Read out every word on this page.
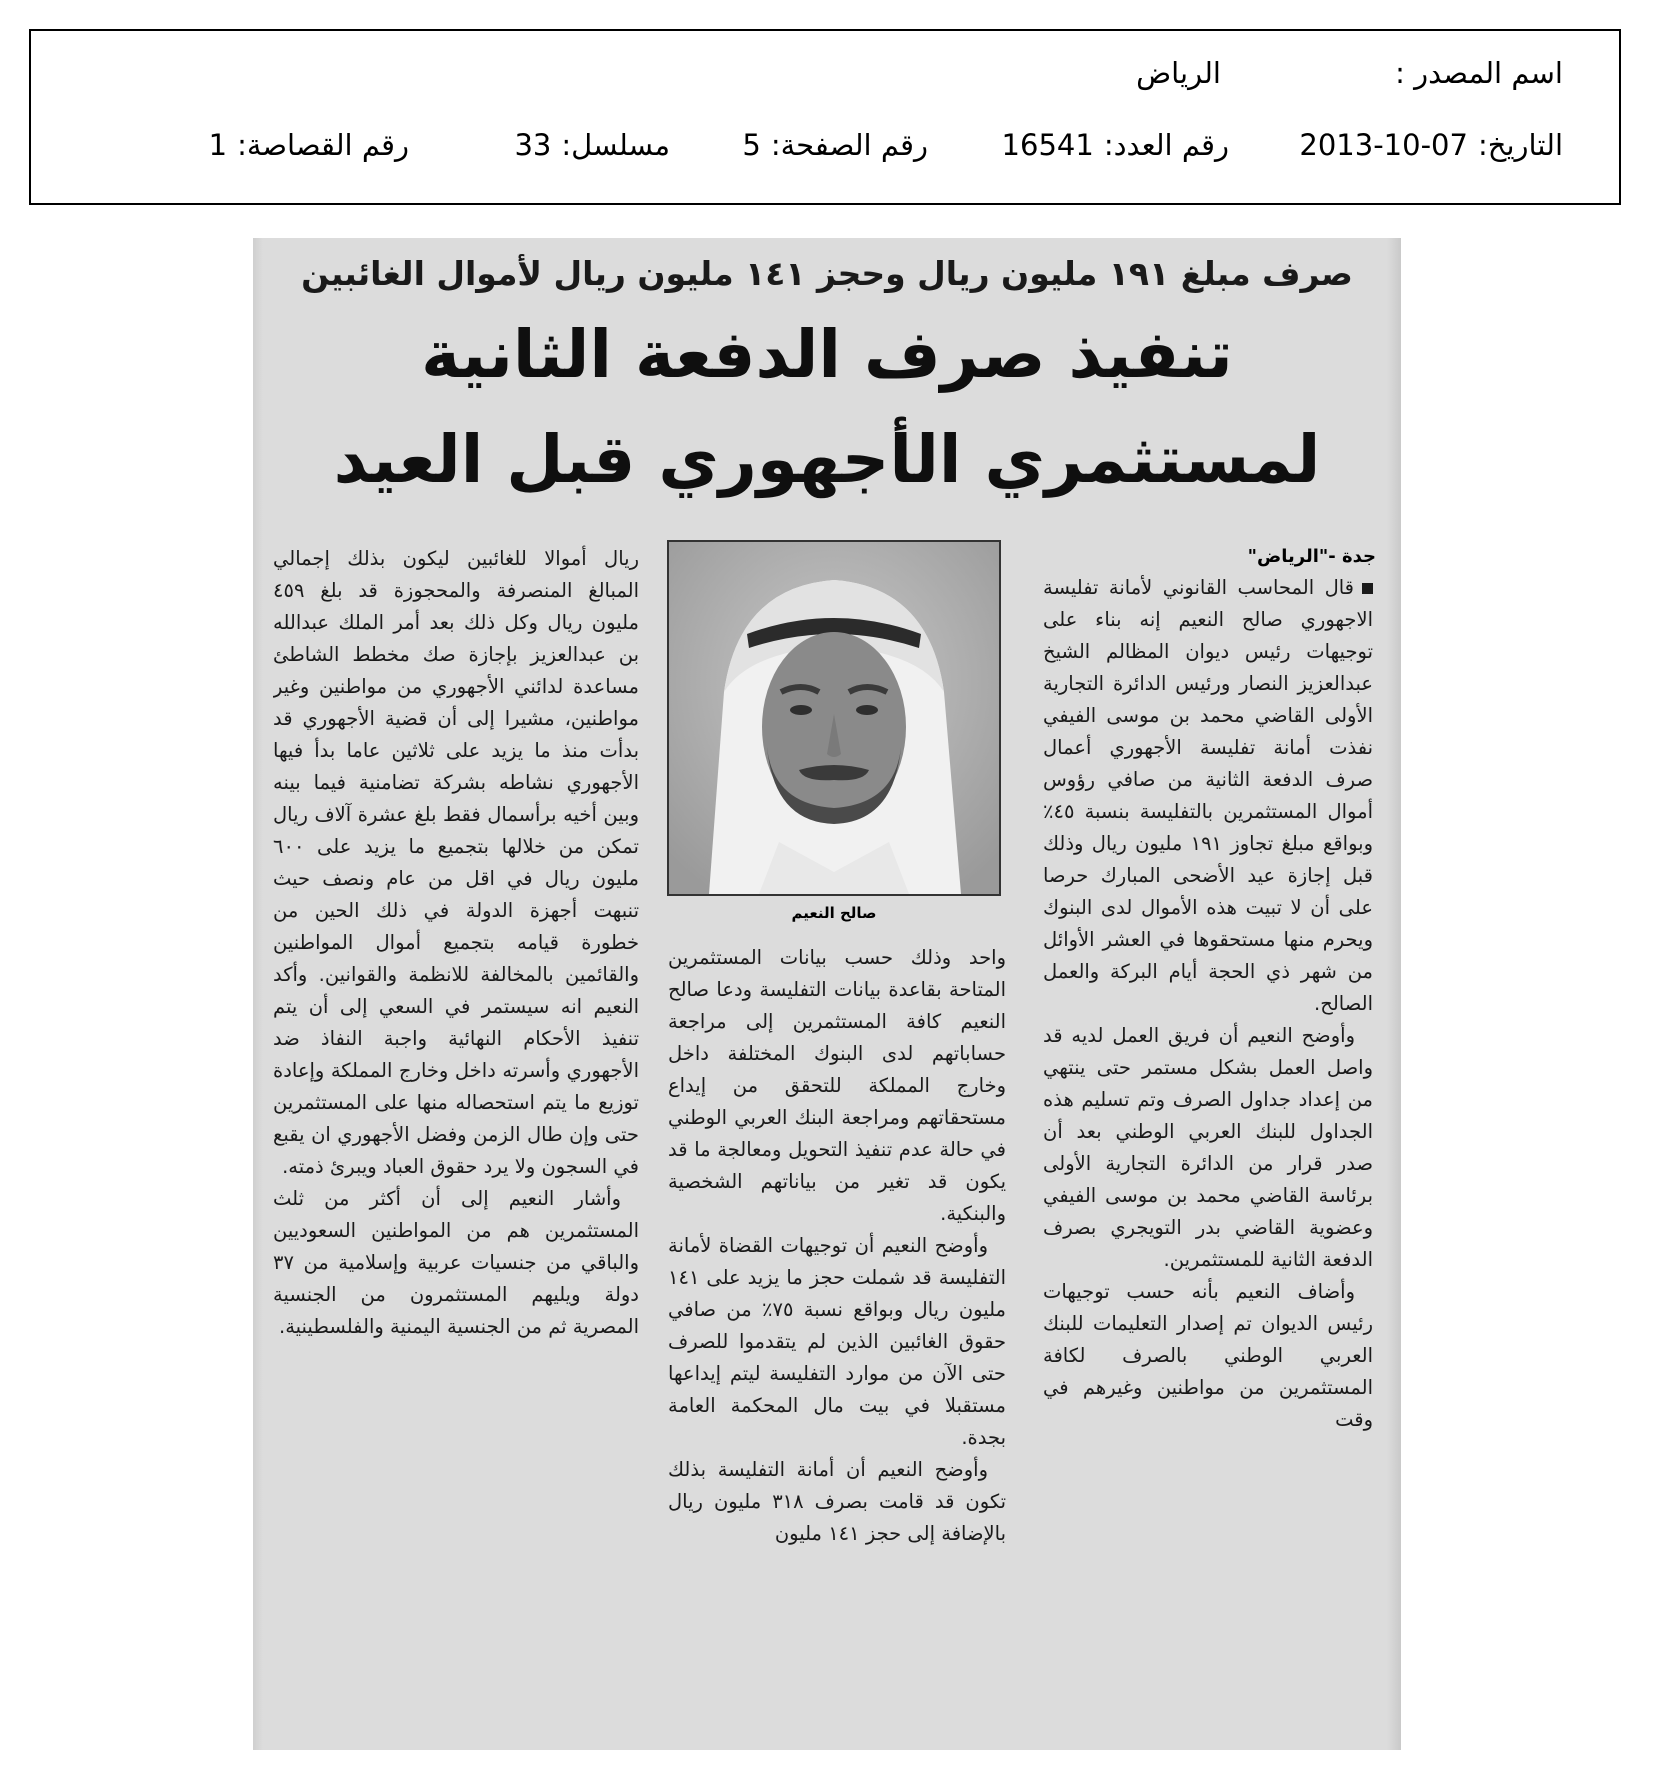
اسم المصدر :
الرياض
التاريخ:2013-10-07
رقم العدد:16541
رقم الصفحة:5
مسلسل:33
رقم القصاصة:1
صرف مبلغ ١٩١ مليون ريال وحجز ١٤١ مليون ريال لأموال الغائبين
تنفيذ صرف الدفعة الثانية
لمستثمري الأجهوري قبل العيد
جدة -"الرياض"

قال المحاسب القانوني لأمانة تفليسة الاجهوري صالح النعيم إنه بناء على توجيهات رئيس ديوان المظالم الشيخ عبدالعزيز النصار ورئيس الدائرة التجارية الأولى القاضي محمد بن موسى الفيفي نفذت أمانة تفليسة الأجهوري أعمال صرف الدفعة الثانية من صافي رؤوس أموال المستثمرين بالتفليسة بنسبة ٤٥٪ وبواقع مبلغ تجاوز ١٩١ مليون ريال وذلك قبل إجازة عيد الأضحى المبارك حرصا على أن لا تبيت هذه الأموال لدى البنوك ويحرم منها مستحقوها في العشر الأوائل من شهر ذي الحجة أيام البركة والعمل الصالح.

وأوضح النعيم أن فريق العمل لديه قد واصل العمل بشكل مستمر حتى ينتهي من إعداد جداول الصرف وتم تسليم هذه الجداول للبنك العربي الوطني بعد أن صدر قرار من الدائرة التجارية الأولى برئاسة القاضي محمد بن موسى الفيفي وعضوية القاضي بدر التويجري بصرف الدفعة الثانية للمستثمرين.

وأضاف النعيم بأنه حسب توجيهات رئيس الديوان تم إصدار التعليمات للبنك العربي الوطني بالصرف لكافة المستثمرين من مواطنين وغيرهم في وقت

صالح النعيم

واحد وذلك حسب بيانات المستثمرين المتاحة بقاعدة بيانات التفليسة ودعا صالح النعيم كافة المستثمرين إلى مراجعة حساباتهم لدى البنوك المختلفة داخل وخارج المملكة للتحقق من إيداع مستحقاتهم ومراجعة البنك العربي الوطني في حالة عدم تنفيذ التحويل ومعالجة ما قد يكون قد تغير من بياناتهم الشخصية والبنكية.

وأوضح النعيم أن توجيهات القضاة لأمانة التفليسة قد شملت حجز ما يزيد على ١٤١ مليون ريال وبواقع نسبة ٧٥٪ من صافي حقوق الغائبين الذين لم يتقدموا للصرف حتى الآن من موارد التفليسة ليتم إيداعها مستقبلا في بيت مال المحكمة العامة بجدة.

وأوضح النعيم أن أمانة التفليسة بذلك تكون قد قامت بصرف ٣١٨ مليون ريال بالإضافة إلى حجز ١٤١ مليون

ريال أموالا للغائبين ليكون بذلك إجمالي المبالغ المنصرفة والمحجوزة قد بلغ ٤٥٩ مليون ريال وكل ذلك بعد أمر الملك عبدالله بن عبدالعزيز بإجازة صك مخطط الشاطئ مساعدة لدائني الأجهوري من مواطنين وغير مواطنين، مشيرا إلى أن قضية الأجهوري قد بدأت منذ ما يزيد على ثلاثين عاما بدأ فيها الأجهوري نشاطه بشركة تضامنية فيما بينه وبين أخيه برأسمال فقط بلغ عشرة آلاف ريال تمكن من خلالها بتجميع ما يزيد على ٦٠٠ مليون ريال في اقل من عام ونصف حيث تنبهت أجهزة الدولة في ذلك الحين من خطورة قيامه بتجميع أموال المواطنين والقائمين بالمخالفة للانظمة والقوانين. وأكد النعيم انه سيستمر في السعي إلى أن يتم تنفيذ الأحكام النهائية واجبة النفاذ ضد الأجهوري وأسرته داخل وخارج المملكة وإعادة توزيع ما يتم استحصاله منها على المستثمرين حتى وإن طال الزمن وفضل الأجهوري ان يقبع في السجون ولا يرد حقوق العباد ويبرئ ذمته.

وأشار النعيم إلى أن أكثر من ثلث المستثمرين هم من المواطنين السعوديين والباقي من جنسيات عربية وإسلامية من ٣٧ دولة ويليهم المستثمرون من الجنسية المصرية ثم من الجنسية اليمنية والفلسطينية.
